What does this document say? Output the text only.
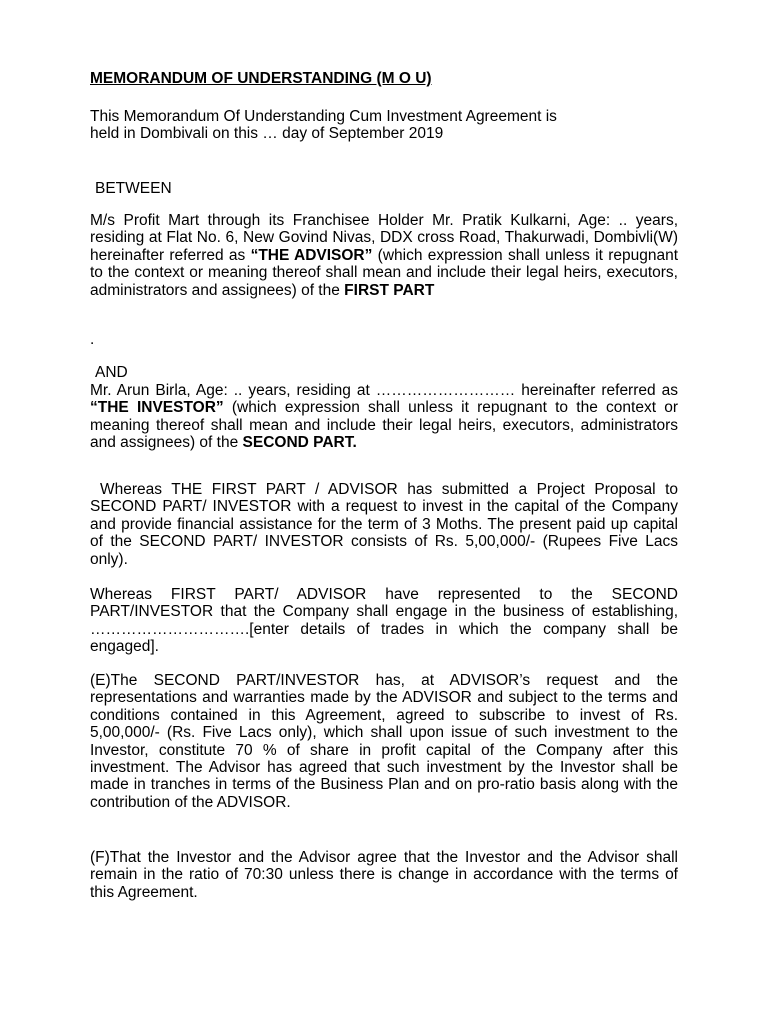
MEMORANDUM OF UNDERSTANDING (M O U)

This Memorandum Of Understanding Cum Investment Agreement is
held in Dombivali on this … day of September 2019

BETWEEN

M/s Profit Mart through its Franchisee Holder Mr. Pratik Kulkarni, Age: .. years, residing at Flat No. 6, New Govind Nivas, DDX cross Road, Thakurwadi, Dombivli(W) hereinafter referred as “THE ADVISOR” (which expression shall unless it repugnant to the context or meaning thereof shall mean and include their legal heirs, executors, administrators and assignees) of the FIRST PART

.

AND

Mr. Arun Birla, Age: .. years, residing at ……………………… hereinafter referred as “THE INVESTOR” (which expression shall unless it repugnant to the context or meaning thereof shall mean and include their legal heirs, executors, administrators and assignees) of the SECOND PART.

Whereas THE FIRST PART / ADVISOR has submitted a Project Proposal to SECOND PART/ INVESTOR with a request to invest in the capital of the Company and provide financial assistance for the term of 3 Moths. The present paid up capital of the SECOND PART/ INVESTOR consists of Rs. 5,00,000/- (Rupees Five Lacs only).

Whereas FIRST PART/ ADVISOR have represented to the SECOND PART/INVESTOR that the Company shall engage in the business of establishing, ………………………….[enter details of trades in which the company shall be engaged].

(E)The SECOND PART/INVESTOR has, at ADVISOR’s request and the representations and warranties made by the ADVISOR and subject to the terms and conditions contained in this Agreement, agreed to subscribe to invest of Rs. 5,00,000/- (Rs. Five Lacs only), which shall upon issue of such investment to the Investor, constitute 70 % of share in profit capital of the Company after this investment. The Advisor has agreed that such investment by the Investor shall be made in tranches in terms of the Business Plan and on pro-ratio basis along with the contribution of the ADVISOR.

(F)That the Investor and the Advisor agree that the Investor and the Advisor shall remain in the ratio of 70:30 unless there is change in accordance with the terms of this Agreement.
